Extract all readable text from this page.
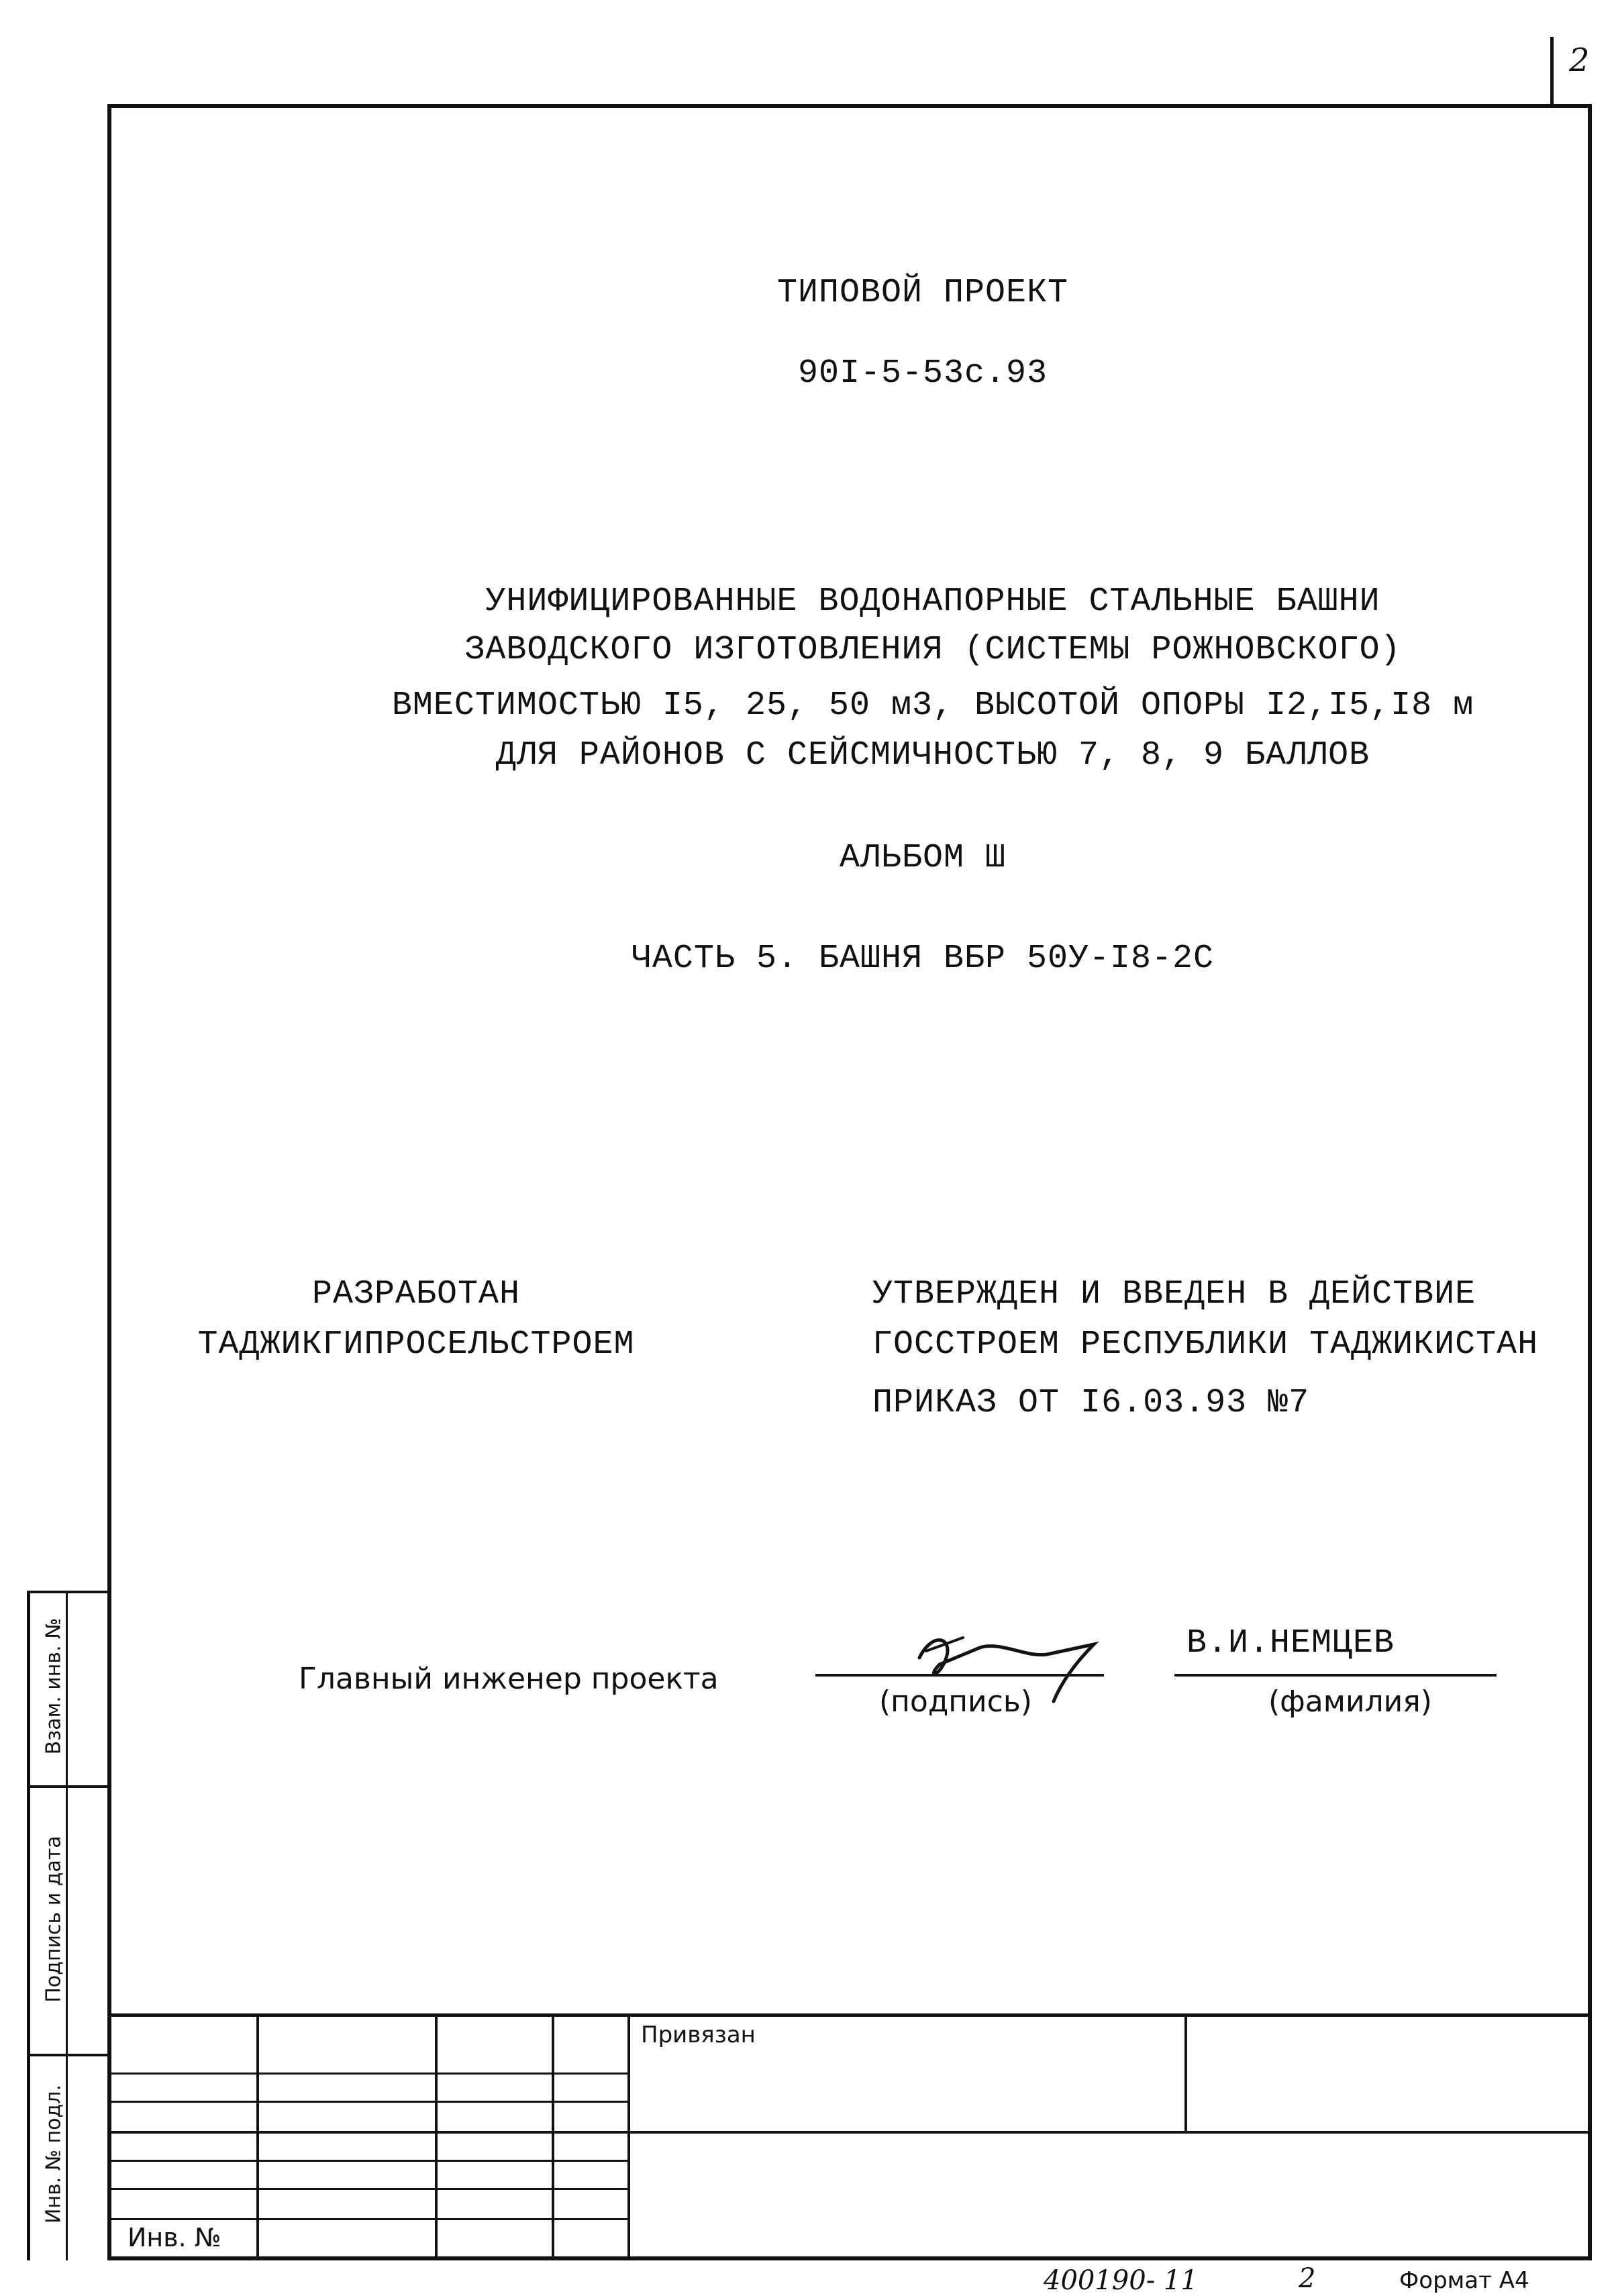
2
ТИПОВОЙ ПРОЕКТ
90I-5-53с.93
УНИФИЦИРОВАННЫЕ ВОДОНАПОРНЫЕ СТАЛЬНЫЕ БАШНИ
ЗАВОДСКОГО ИЗГОТОВЛЕНИЯ (СИСТЕМЫ РОЖНОВСКОГО)
ВМЕСТИМОСТЬЮ I5, 25, 50 м3, ВЫСОТОЙ ОПОРЫ I2,I5,I8 м
ДЛЯ РАЙОНОВ С СЕЙСМИЧНОСТЬЮ 7, 8, 9 БАЛЛОВ
АЛЬБОМ Ш
ЧАСТЬ 5. БАШНЯ ВБР 50У-I8-2С
РАЗРАБОТАН
ТАДЖИКГИПРОСЕЛЬСТРОЕМ
УТВЕРЖДЕН И ВВЕДЕН В ДЕЙСТВИЕ
ГОССТРОЕМ РЕСПУБЛИКИ ТАДЖИКИСТАН
ПРИКАЗ ОТ I6.03.93 №7
Главный инженер проекта
(подпись)
В.И.НЕМЦЕВ
(фамилия)
Взам. инв. №
Подпись и дата
Инв. № подл.
Привязан
Инв. №
400190- 11	2	Формат А4
